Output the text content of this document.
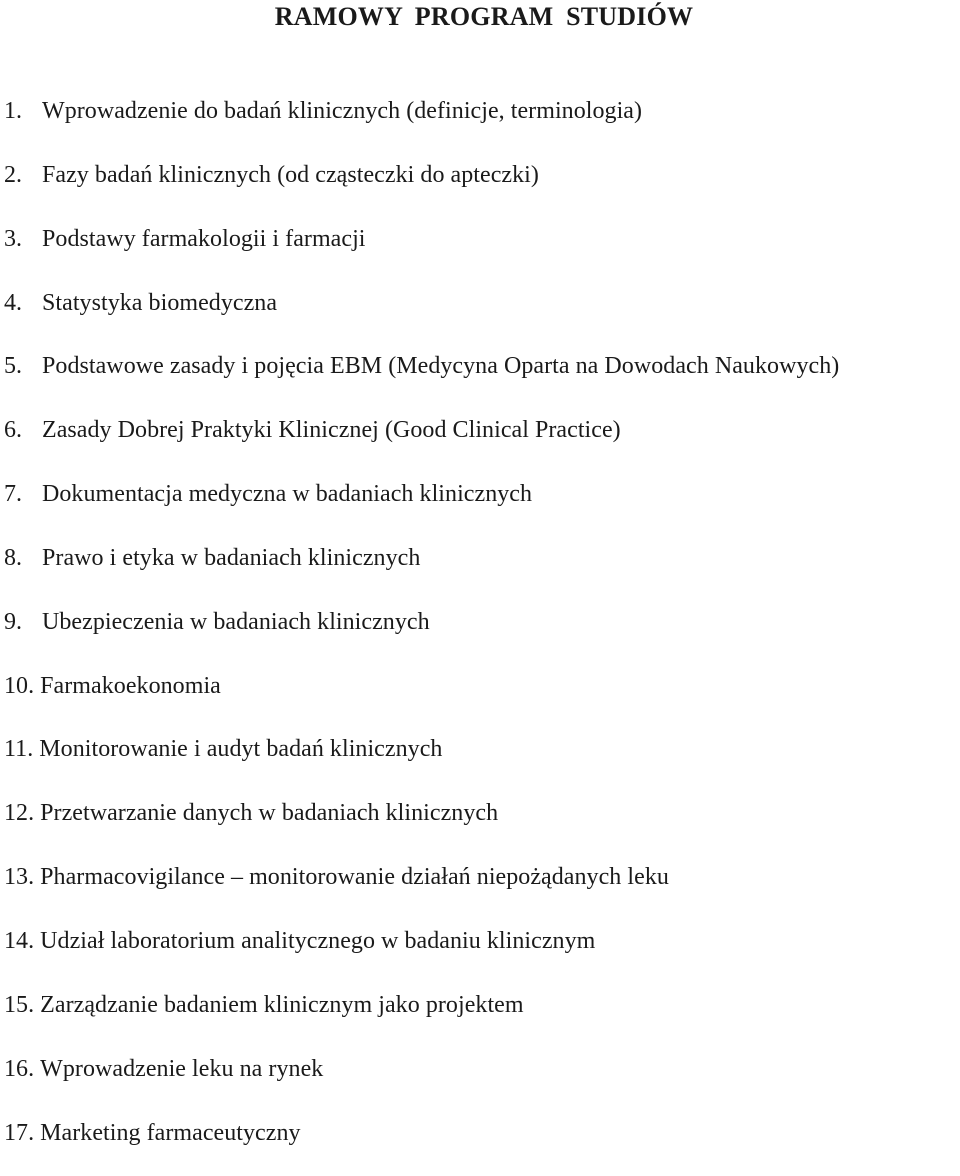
RAMOWY PROGRAM STUDIÓW
1. Wprowadzenie do badań klinicznych (definicje, terminologia)
2. Fazy badań klinicznych (od cząsteczki do apteczki)
3. Podstawy farmakologii i farmacji
4. Statystyka biomedyczna
5. Podstawowe zasady i pojęcia EBM (Medycyna Oparta na Dowodach Naukowych)
6. Zasady Dobrej Praktyki Klinicznej (Good Clinical Practice)
7. Dokumentacja medyczna w badaniach klinicznych
8. Prawo i etyka w badaniach klinicznych
9. Ubezpieczenia w badaniach klinicznych
10. Farmakoekonomia
11. Monitorowanie i audyt badań klinicznych
12. Przetwarzanie danych w badaniach klinicznych
13. Pharmacovigilance – monitorowanie działań niepożądanych leku
14. Udział laboratorium analitycznego w badaniu klinicznym
15. Zarządzanie badaniem klinicznym jako projektem
16. Wprowadzenie leku na rynek
17. Marketing farmaceutyczny
